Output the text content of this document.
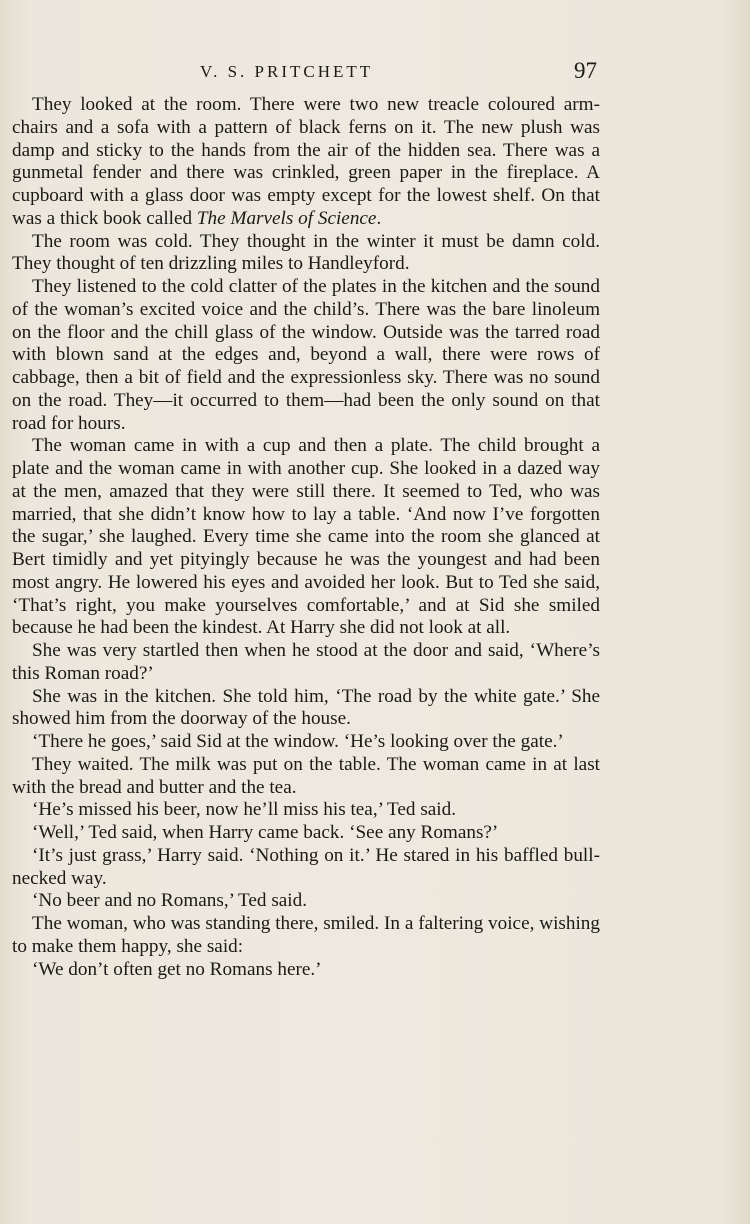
V. S. PRITCHETT	97

They looked at the room. There were two new treacle coloured arm-chairs and a sofa with a pattern of black ferns on it. The new plush was damp and sticky to the hands from the air of the hidden sea. There was a gunmetal fender and there was crinkled, green paper in the fireplace. A cupboard with a glass door was empty except for the lowest shelf. On that was a thick book called The Marvels of Science.

The room was cold. They thought in the winter it must be damn cold. They thought of ten drizzling miles to Handleyford.

They listened to the cold clatter of the plates in the kitchen and the sound of the woman’s excited voice and the child’s. There was the bare linoleum on the floor and the chill glass of the window. Outside was the tarred road with blown sand at the edges and, beyond a wall, there were rows of cabbage, then a bit of field and the expressionless sky. There was no sound on the road. They—it occurred to them—had been the only sound on that road for hours.

The woman came in with a cup and then a plate. The child brought a plate and the woman came in with another cup. She looked in a dazed way at the men, amazed that they were still there. It seemed to Ted, who was married, that she didn’t know how to lay a table. ‘And now I’ve forgotten the sugar,’ she laughed. Every time she came into the room she glanced at Bert timidly and yet pityingly because he was the youngest and had been most angry. He lowered his eyes and avoided her look. But to Ted she said, ‘That’s right, you make yourselves comfortable,’ and at Sid she smiled because he had been the kindest. At Harry she did not look at all.

She was very startled then when he stood at the door and said, ‘Where’s this Roman road?’

She was in the kitchen. She told him, ‘The road by the white gate.’ She showed him from the doorway of the house.

‘There he goes,’ said Sid at the window. ‘He’s looking over the gate.’

They waited. The milk was put on the table. The woman came in at last with the bread and butter and the tea.

‘He’s missed his beer, now he’ll miss his tea,’ Ted said.

‘Well,’ Ted said, when Harry came back. ‘See any Romans?’

‘It’s just grass,’ Harry said. ‘Nothing on it.’ He stared in his baffled bull-necked way.

‘No beer and no Romans,’ Ted said.

The woman, who was standing there, smiled. In a faltering voice, wishing to make them happy, she said:

‘We don’t often get no Romans here.’
